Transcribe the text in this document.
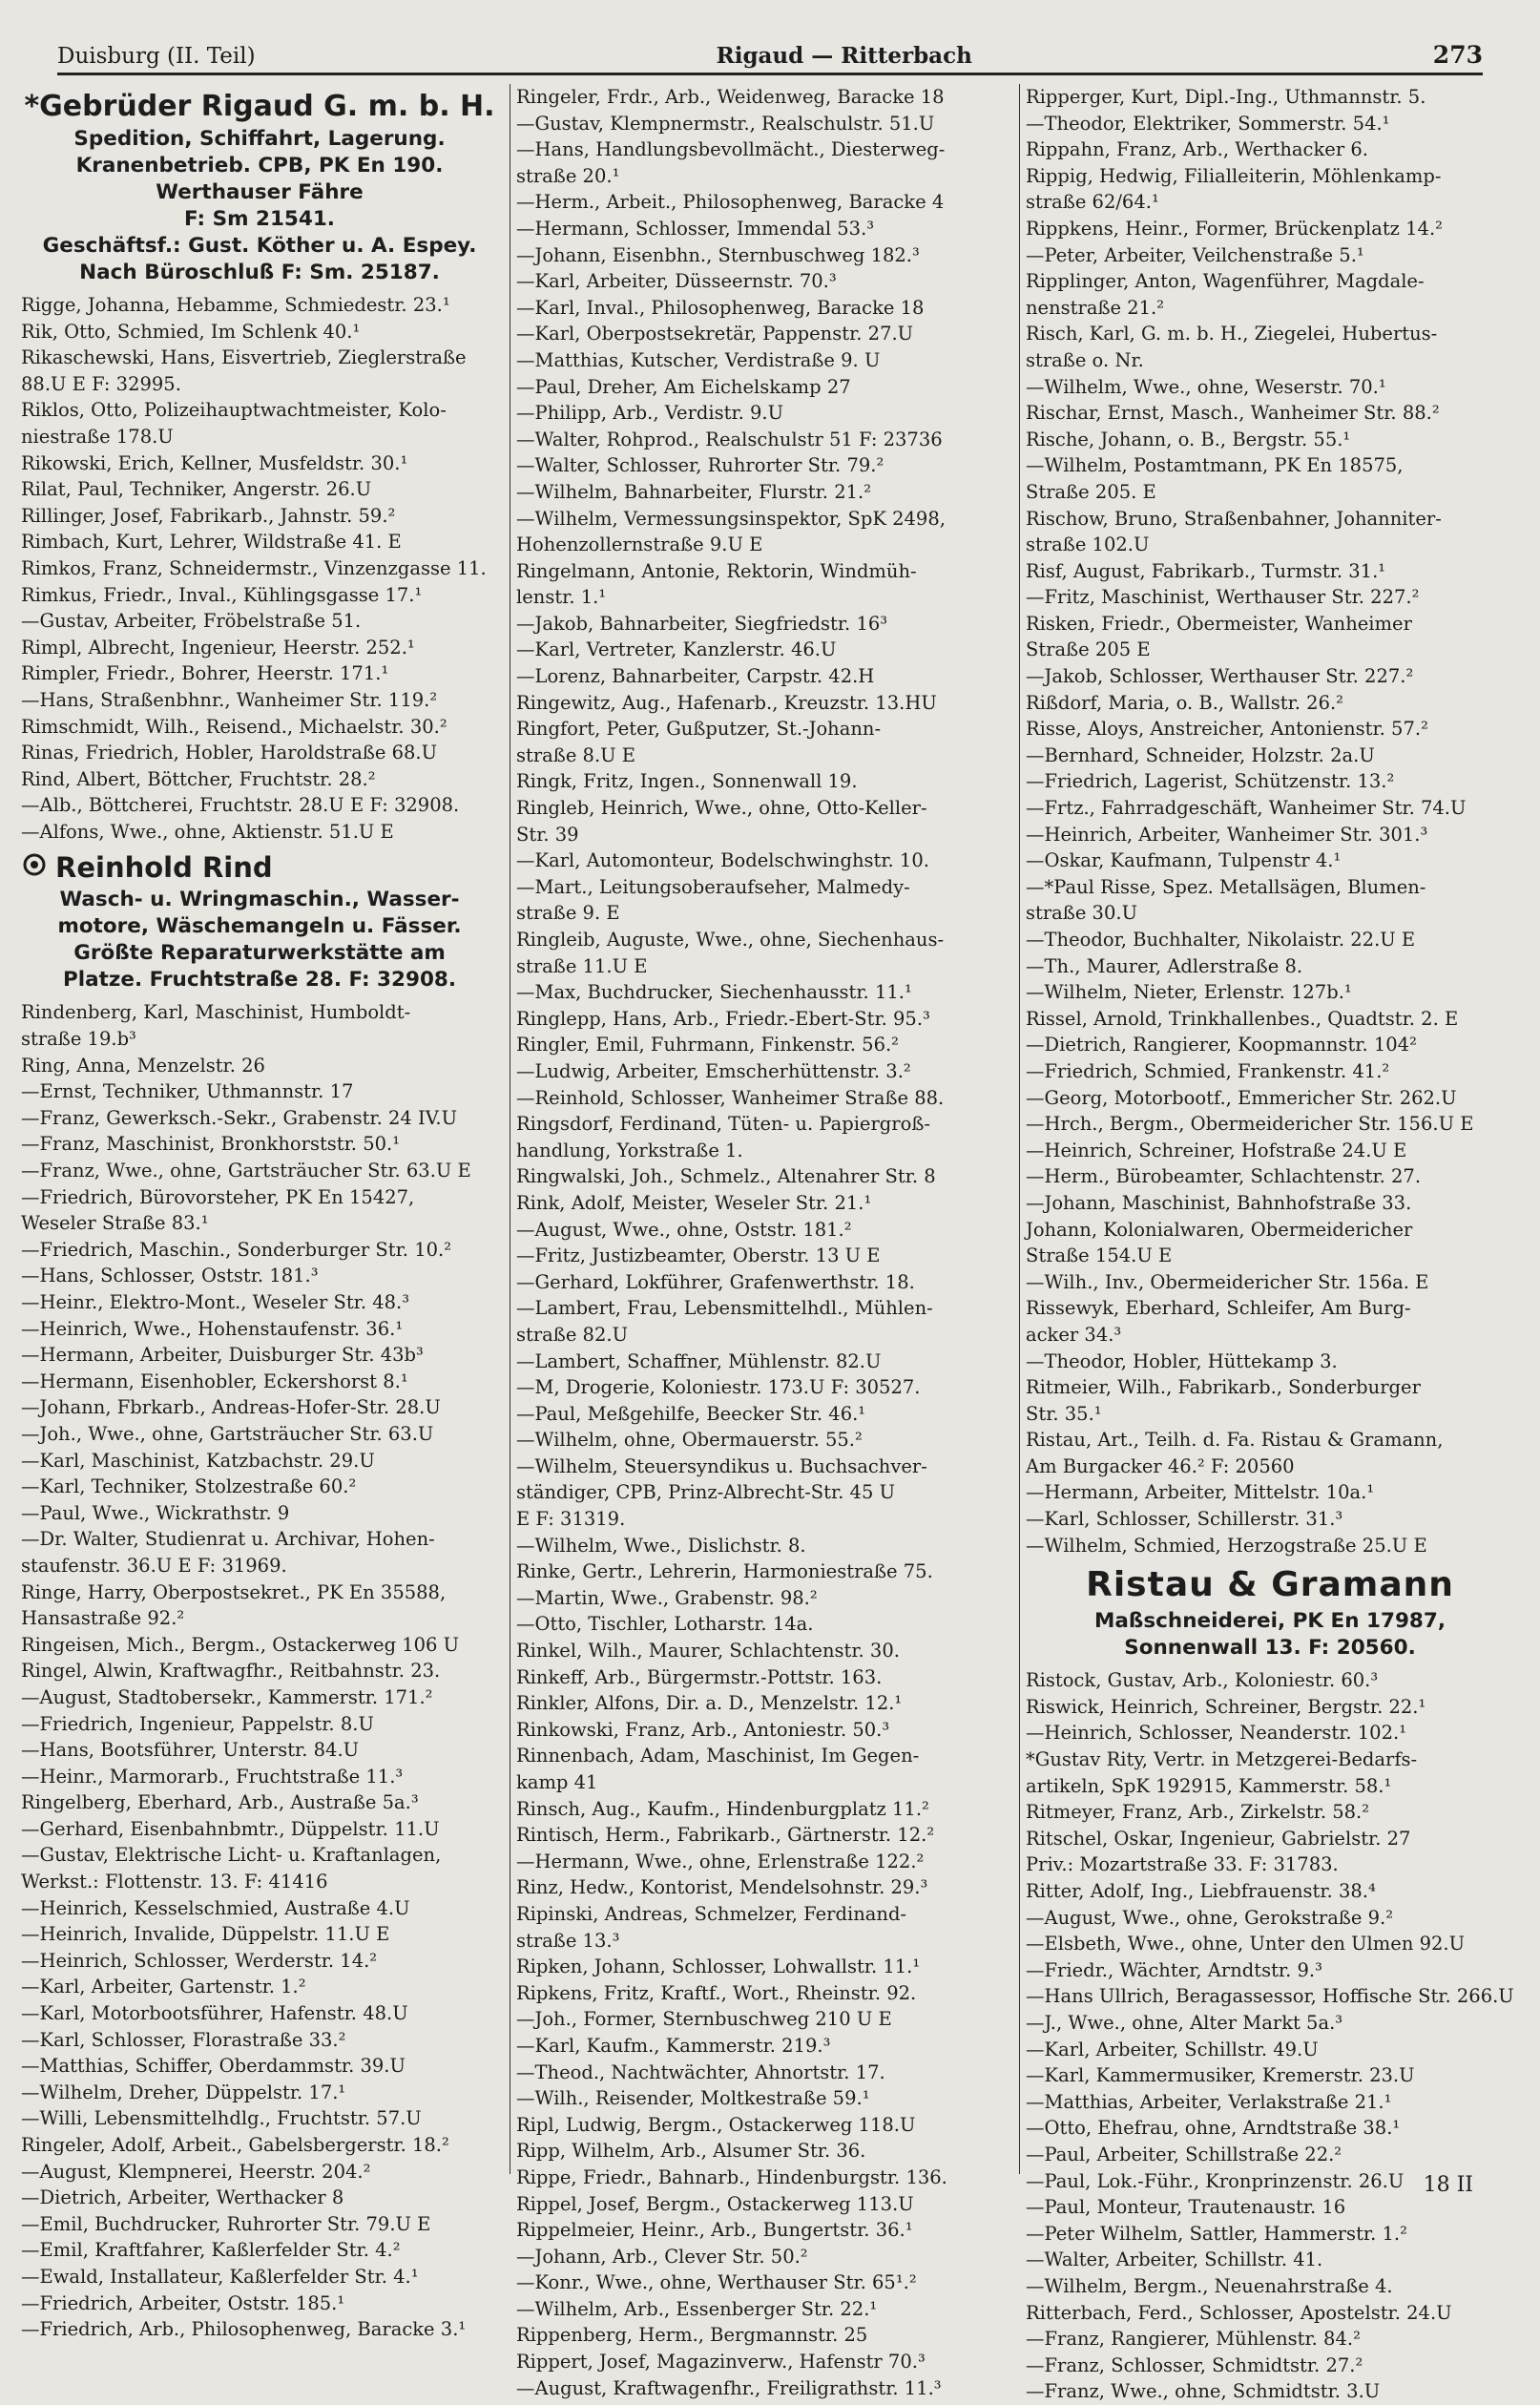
Duisburg (II. Teil)	Rigaud — Ritterbach	273
*Gebrüder Rigaud G. m. b. H.
Spedition, Schiffahrt, Lagerung.
Kranenbetrieb. CPB, PK En 190.
Werthauser Fähre
F: Sm 21541.
Geschäftsf.: Gust. Köther u. A. Espey.
Nach Büroschluß F: Sm. 25187.
Rigge, Johanna, Hebamme, Schmiedestr. 23.¹
Rik, Otto, Schmied, Im Schlenk 40.¹
Rikaschewski, Hans, Eisvertrieb, Zieglerstraße
88.U E F: 32995.
Riklos, Otto, Polizeihauptwachtmeister, Kolo-
niestraße 178.U
Rikowski, Erich, Kellner, Musfeldstr. 30.¹
Rilat, Paul, Techniker, Angerstr. 26.U
Rillinger, Josef, Fabrikarb., Jahnstr. 59.²
Rimbach, Kurt, Lehrer, Wildstraße 41. E
Rimkos, Franz, Schneidermstr., Vinzenzgasse 11.
Rimkus, Friedr., Inval., Kühlingsgasse 17.¹
—Gustav, Arbeiter, Fröbelstraße 51.
Rimpl, Albrecht, Ingenieur, Heerstr. 252.¹
Rimpler, Friedr., Bohrer, Heerstr. 171.¹
—Hans, Straßenbhnr., Wanheimer Str. 119.²
Rimschmidt, Wilh., Reisend., Michaelstr. 30.²
Rinas, Friedrich, Hobler, Haroldstraße 68.U
Rind, Albert, Böttcher, Fruchtstr. 28.²
—Alb., Böttcherei, Fruchtstr. 28.U E F: 32908.
—Alfons, Wwe., ohne, Aktienstr. 51.U E
Reinhold Rind
Wasch- u. Wringmaschin., Wasser-
motore, Wäschemangeln u. Fässer.
Größte Reparaturwerkstätte am
Platze. Fruchtstraße 28. F: 32908.
Rindenberg, Karl, Maschinist, Humboldt-
straße 19.b³
Ring, Anna, Menzelstr. 26
—Ernst, Techniker, Uthmannstr. 17
—Franz, Gewerksch.-Sekr., Grabenstr. 24 IV.U
—Franz, Maschinist, Bronkhorststr. 50.¹
—Franz, Wwe., ohne, Gartsträucher Str. 63.U E
—Friedrich, Bürovorsteher, PK En 15427,
Weseler Straße 83.¹
—Friedrich, Maschin., Sonderburger Str. 10.²
—Hans, Schlosser, Oststr. 181.³
—Heinr., Elektro-Mont., Weseler Str. 48.³
—Heinrich, Wwe., Hohenstaufenstr. 36.¹
—Hermann, Arbeiter, Duisburger Str. 43b³
—Hermann, Eisenhobler, Eckershorst 8.¹
—Johann, Fbrkarb., Andreas-Hofer-Str. 28.U
—Joh., Wwe., ohne, Gartsträucher Str. 63.U
—Karl, Maschinist, Katzbachstr. 29.U
—Karl, Techniker, Stolzestraße 60.²
—Paul, Wwe., Wickrathstr. 9
—Dr. Walter, Studienrat u. Archivar, Hohen-
staufenstr. 36.U E F: 31969.
Ringe, Harry, Oberpostsekret., PK En 35588,
Hansastraße 92.²
Ringeisen, Mich., Bergm., Ostackerweg 106 U
Ringel, Alwin, Kraftwagfhr., Reitbahnstr. 23.
—August, Stadtobersekr., Kammerstr. 171.²
—Friedrich, Ingenieur, Pappelstr. 8.U
—Hans, Bootsführer, Unterstr. 84.U
—Heinr., Marmorarb., Fruchtstraße 11.³
Ringelberg, Eberhard, Arb., Austraße 5a.³
—Gerhard, Eisenbahnbmtr., Düppelstr. 11.U
—Gustav, Elektrische Licht- u. Kraftanlagen,
Werkst.: Flottenstr. 13. F: 41416
—Heinrich, Kesselschmied, Austraße 4.U
—Heinrich, Invalide, Düppelstr. 11.U E
—Heinrich, Schlosser, Werderstr. 14.²
—Karl, Arbeiter, Gartenstr. 1.²
—Karl, Motorbootsführer, Hafenstr. 48.U
—Karl, Schlosser, Florastraße 33.²
—Matthias, Schiffer, Oberdammstr. 39.U
—Wilhelm, Dreher, Düppelstr. 17.¹
—Willi, Lebensmittelhdlg., Fruchtstr. 57.U
Ringeler, Adolf, Arbeit., Gabelsbergerstr. 18.²
—August, Klempnerei, Heerstr. 204.²
—Dietrich, Arbeiter, Werthacker 8
—Emil, Buchdrucker, Ruhrorter Str. 79.U E
—Emil, Kraftfahrer, Kaßlerfelder Str. 4.²
—Ewald, Installateur, Kaßlerfelder Str. 4.¹
—Friedrich, Arbeiter, Oststr. 185.¹
—Friedrich, Arb., Philosophenweg, Baracke 3.¹
Ringeler, Frdr., Arb., Weidenweg, Baracke 18
—Gustav, Klempnermstr., Realschulstr. 51.U
—Hans, Handlungsbevollmächt., Diesterweg-
straße 20.¹
—Herm., Arbeit., Philosophenweg, Baracke 4
—Hermann, Schlosser, Immendal 53.³
—Johann, Eisenbhn., Sternbuschweg 182.³
—Karl, Arbeiter, Düsseernstr. 70.³
—Karl, Inval., Philosophenweg, Baracke 18
—Karl, Oberpostsekretär, Pappenstr. 27.U
—Matthias, Kutscher, Verdistraße 9. U
—Paul, Dreher, Am Eichelskamp 27
—Philipp, Arb., Verdistr. 9.U
—Walter, Rohprod., Realschulstr 51 F: 23736
—Walter, Schlosser, Ruhrorter Str. 79.²
—Wilhelm, Bahnarbeiter, Flurstr. 21.²
—Wilhelm, Vermessungsinspektor, SpK 2498,
Hohenzollernstraße 9.U E
Ringelmann, Antonie, Rektorin, Windmüh-
lenstr. 1.¹
—Jakob, Bahnarbeiter, Siegfriedstr. 16³
—Karl, Vertreter, Kanzlerstr. 46.U
—Lorenz, Bahnarbeiter, Carpstr. 42.H
Ringewitz, Aug., Hafenarb., Kreuzstr. 13.HU
Ringfort, Peter, Gußputzer, St.-Johann-
straße 8.U E
Ringk, Fritz, Ingen., Sonnenwall 19.
Ringleb, Heinrich, Wwe., ohne, Otto-Keller-
Str. 39
—Karl, Automonteur, Bodelschwinghstr. 10.
—Mart., Leitungsoberaufseher, Malmedy-
straße 9. E
Ringleib, Auguste, Wwe., ohne, Siechenhaus-
straße 11.U E
—Max, Buchdrucker, Siechenhausstr. 11.¹
Ringlepp, Hans, Arb., Friedr.-Ebert-Str. 95.³
Ringler, Emil, Fuhrmann, Finkenstr. 56.²
—Ludwig, Arbeiter, Emscherhüttenstr. 3.²
—Reinhold, Schlosser, Wanheimer Straße 88.
Ringsdorf, Ferdinand, Tüten- u. Papiergroß-
handlung, Yorkstraße 1.
Ringwalski, Joh., Schmelz., Altenahrer Str. 8
Rink, Adolf, Meister, Weseler Str. 21.¹
—August, Wwe., ohne, Oststr. 181.²
—Fritz, Justizbeamter, Oberstr. 13 U E
—Gerhard, Lokführer, Grafenwerthstr. 18.
—Lambert, Frau, Lebensmittelhdl., Mühlen-
straße 82.U
—Lambert, Schaffner, Mühlenstr. 82.U
—M, Drogerie, Koloniestr. 173.U F: 30527.
—Paul, Meßgehilfe, Beecker Str. 46.¹
—Wilhelm, ohne, Obermauerstr. 55.²
—Wilhelm, Steuersyndikus u. Buchsachver-
ständiger, CPB, Prinz-Albrecht-Str. 45 U
E F: 31319.
—Wilhelm, Wwe., Dislichstr. 8.
Rinke, Gertr., Lehrerin, Harmoniestraße 75.
—Martin, Wwe., Grabenstr. 98.²
—Otto, Tischler, Lotharstr. 14a.
Rinkel, Wilh., Maurer, Schlachtenstr. 30.
Rinkeff, Arb., Bürgermstr.-Pottstr. 163.
Rinkler, Alfons, Dir. a. D., Menzelstr. 12.¹
Rinkowski, Franz, Arb., Antoniestr. 50.³
Rinnenbach, Adam, Maschinist, Im Gegen-
kamp 41
Rinsch, Aug., Kaufm., Hindenburgplatz 11.²
Rintisch, Herm., Fabrikarb., Gärtnerstr. 12.²
—Hermann, Wwe., ohne, Erlenstraße 122.²
Rinz, Hedw., Kontorist, Mendelsohnstr. 29.³
Ripinski, Andreas, Schmelzer, Ferdinand-
straße 13.³
Ripken, Johann, Schlosser, Lohwallstr. 11.¹
Ripkens, Fritz, Kraftf., Wort., Rheinstr. 92.
—Joh., Former, Sternbuschweg 210 U E
—Karl, Kaufm., Kammerstr. 219.³
—Theod., Nachtwächter, Ahnortstr. 17.
—Wilh., Reisender, Moltkestraße 59.¹
Ripl, Ludwig, Bergm., Ostackerweg 118.U
Ripp, Wilhelm, Arb., Alsumer Str. 36.
Rippe, Friedr., Bahnarb., Hindenburgstr. 136.
Rippel, Josef, Bergm., Ostackerweg 113.U
Rippelmeier, Heinr., Arb., Bungertstr. 36.¹
—Johann, Arb., Clever Str. 50.²
—Konr., Wwe., ohne, Werthauser Str. 65¹.²
—Wilhelm, Arb., Essenberger Str. 22.¹
Rippenberg, Herm., Bergmannstr. 25
Rippert, Josef, Magazinverw., Hafenstr 70.³
—August, Kraftwagenfhr., Freiligrathstr. 11.³
Ripperger, Kurt, Dipl.-Ing., Uthmannstr. 5.
—Theodor, Elektriker, Sommerstr. 54.¹
Rippahn, Franz, Arb., Werthacker 6.
Rippig, Hedwig, Filialleiterin, Möhlenkamp-
straße 62/64.¹
Rippkens, Heinr., Former, Brückenplatz 14.²
—Peter, Arbeiter, Veilchenstraße 5.¹
Ripplinger, Anton, Wagenführer, Magdale-
nenstraße 21.²
Risch, Karl, G. m. b. H., Ziegelei, Hubertus-
straße o. Nr.
—Wilhelm, Wwe., ohne, Weserstr. 70.¹
Rischar, Ernst, Masch., Wanheimer Str. 88.²
Rische, Johann, o. B., Bergstr. 55.¹
—Wilhelm, Postamtmann, PK En 18575,
Straße 205. E
Rischow, Bruno, Straßenbahner, Johanniter-
straße 102.U
Risf, August, Fabrikarb., Turmstr. 31.¹
—Fritz, Maschinist, Werthauser Str. 227.²
Risken, Friedr., Obermeister, Wanheimer
Straße 205 E
—Jakob, Schlosser, Werthauser Str. 227.²
Rißdorf, Maria, o. B., Wallstr. 26.²
Risse, Aloys, Anstreicher, Antonienstr. 57.²
—Bernhard, Schneider, Holzstr. 2a.U
—Friedrich, Lagerist, Schützenstr. 13.²
—Frtz., Fahrradgeschäft, Wanheimer Str. 74.U
—Heinrich, Arbeiter, Wanheimer Str. 301.³
—Oskar, Kaufmann, Tulpenstr 4.¹
—*Paul Risse, Spez. Metallsägen, Blumen-
straße 30.U
—Theodor, Buchhalter, Nikolaistr. 22.U E
—Th., Maurer, Adlerstraße 8.
—Wilhelm, Nieter, Erlenstr. 127b.¹
Rissel, Arnold, Trinkhallenbes., Quadtstr. 2. E
—Dietrich, Rangierer, Koopmannstr. 104²
—Friedrich, Schmied, Frankenstr. 41.²
—Georg, Motorbootf., Emmericher Str. 262.U
—Hrch., Bergm., Obermeidericher Str. 156.U E
—Heinrich, Schreiner, Hofstraße 24.U E
—Herm., Bürobeamter, Schlachtenstr. 27.
—Johann, Maschinist, Bahnhofstraße 33.
Johann, Kolonialwaren, Obermeidericher
Straße 154.U E
—Wilh., Inv., Obermeidericher Str. 156a. E
Rissewyk, Eberhard, Schleifer, Am Burg-
acker 34.³
—Theodor, Hobler, Hüttekamp 3.
Ritmeier, Wilh., Fabrikarb., Sonderburger
Str. 35.¹
Ristau, Art., Teilh. d. Fa. Ristau & Gramann,
Am Burgacker 46.² F: 20560
—Hermann, Arbeiter, Mittelstr. 10a.¹
—Karl, Schlosser, Schillerstr. 31.³
—Wilhelm, Schmied, Herzogstraße 25.U E
Ristau & Gramann
Maßschneiderei, PK En 17987,
Sonnenwall 13. F: 20560.
Ristock, Gustav, Arb., Koloniestr. 60.³
Riswick, Heinrich, Schreiner, Bergstr. 22.¹
—Heinrich, Schlosser, Neanderstr. 102.¹
*Gustav Rity, Vertr. in Metzgerei-Bedarfs-
artikeln, SpK 192915, Kammerstr. 58.¹
Ritmeyer, Franz, Arb., Zirkelstr. 58.²
Ritschel, Oskar, Ingenieur, Gabrielstr. 27
Priv.: Mozartstraße 33. F: 31783.
Ritter, Adolf, Ing., Liebfrauenstr. 38.⁴
—August, Wwe., ohne, Gerokstraße 9.²
—Elsbeth, Wwe., ohne, Unter den Ulmen 92.U
—Friedr., Wächter, Arndtstr. 9.³
—Hans Ullrich, Beragassessor, Hoffische Str. 266.U
—J., Wwe., ohne, Alter Markt 5a.³
—Karl, Arbeiter, Schillstr. 49.U
—Karl, Kammermusiker, Kremerstr. 23.U
—Matthias, Arbeiter, Verlakstraße 21.¹
—Otto, Ehefrau, ohne, Arndtstraße 38.¹
—Paul, Arbeiter, Schillstraße 22.²
—Paul, Lok.-Führ., Kronprinzenstr. 26.U
—Paul, Monteur, Trautenaustr. 16
—Peter Wilhelm, Sattler, Hammerstr. 1.²
—Walter, Arbeiter, Schillstr. 41.
—Wilhelm, Bergm., Neuenahrstraße 4.
Ritterbach, Ferd., Schlosser, Apostelstr. 24.U
—Franz, Rangierer, Mühlenstr. 84.²
—Franz, Schlosser, Schmidtstr. 27.²
—Franz, Wwe., ohne, Schmidtstr. 3.U
18 II
